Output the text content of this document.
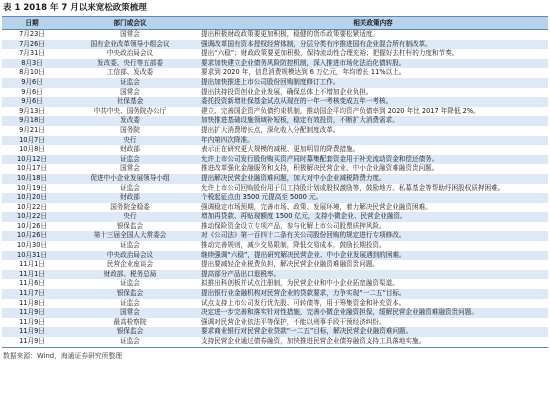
表 1 2018 年 7 月以来宽松政策梳理
日期	部门或会议	相关政策内容
7月23日	国常会	提出积极财政政策要更加积极，稳健的货币政策要松紧适度。
7月26日	国有企业改革领导小组会议	强调改革国有资本授权经营体制，分层分类有序推进国有企业混合所有制改革。
7月31日	中央政治局会议	提出“六稳”；财政政策要更加积极，保持流动性合理充裕；把握好去杠杆的力度和节奏。
8月3日	发改委、央行等五部委	要求加快建立企业债务风险防控机制，深入推进市场化法治化债转股。
8月10日	工信部、发改委	要求到 2020 年，信息消费规模达到 6 万亿元，年均增长 11%以上。
9月6日	证监会	提出加快推进上市公司股份回购制度修订工作。
9月6日	国常会	提出扶持投资创业企业发展，确保总体上不增加企业负担。
9月6日	社保基金	委托投资新增社保基金试点从现在的一年一考核变成五年一考核。
9月13日	中共中央、国务院办公厅	建立、完善国企资产负债约束机制，推动国企平均资产负债率到 2020 年比 2017 年降低 2%。
9月18日	发改委	加快推进基础设施领域补短板，稳定有效投资，不断扩大消费需求。
9月21日	国务院	提出扩大消费增长点，深化收入分配制度改革。
10月7日	央行	年内第四次降准。
10月8日	财政部	表示正在研究更大规模的减税、更加明显的降费措施。
10月12日	证监会	允许上市公司发行股份购买资产同时募集配套资金用于补充流动资金和偿还债务。
10月17日	国常会	推进改革强化金融服务和支持，积极解决民营企业、中小企业融资难融资贵问题。
10月18日	促进中小企业发展领导小组	提出解决民营企业融资难问题，加大对中小企业减税降费力度。
10月19日	证监会	允许上市公司回购股份用于员工持股计划或股权激励等，鼓励地方、私募基金等帮助纾困股权质押困难。
10月20日	财政部	个税起征点由 3500 元提高至 5000 元。
10月22日	国务院金稳委	强调稳定市场预期，完善市场、政策、发展环境，着力解决民营企业融资困难。
10月22日	央行	增加再贷款、再贴现额度 1500 亿元，支持小微企业、民营企业融资。
10月26日	银保监会	推动保险资金设立专项产品，参与化解上市公司股票质押风险。
10月26日	第十三届全国人大常委会	对《公司法》第一百四十二条有关公司股份回购的规定进行专项修改。
10月30日	证监会	推动完善规则，减少交易限制，降低交易成本，鼓励长期投资。
10月31日	中央政治局会议	继续强调“六稳”，提出研究解决民营企业、中小企业发展遇到的困难。
11月1日	民营企业座谈会	提出要减轻企业税费负担，解决民营企业融资难融资贵问题。
11月1日	财政部、税务总局	提高部分产品出口退税率。
11月6日	证监会	拟推出科创板并试点注册制，为民营企业和中小企业拓宽融资渠道。
11月7日	银保监会	提出银行业金融机构对民营企业的贷款要求，力争实现“一二五”目标。
11月8日	证监会	试点支持上市公司发行优先股、可转债等，用于筹集资金和补充资本。
11月9日	国常会	决定进一步完善和落实针对性措施，完善小微企业融资担保，缓解民营企业融资难融资贵问题。
11月9日	最高检察院	强调对民营企业依法平等保护，不能以刑事手段干预经济纠纷。
11月9日	银保监会	要求商业银行对民营企业贷款“一二五”目标，解决民营企业融资难问题。
11月9日	证监会	支持民营企业通过债券融资，加快推进民营企业债券融资支持工具落地实施。
数据来源：Wind，海通证券研究所整理
